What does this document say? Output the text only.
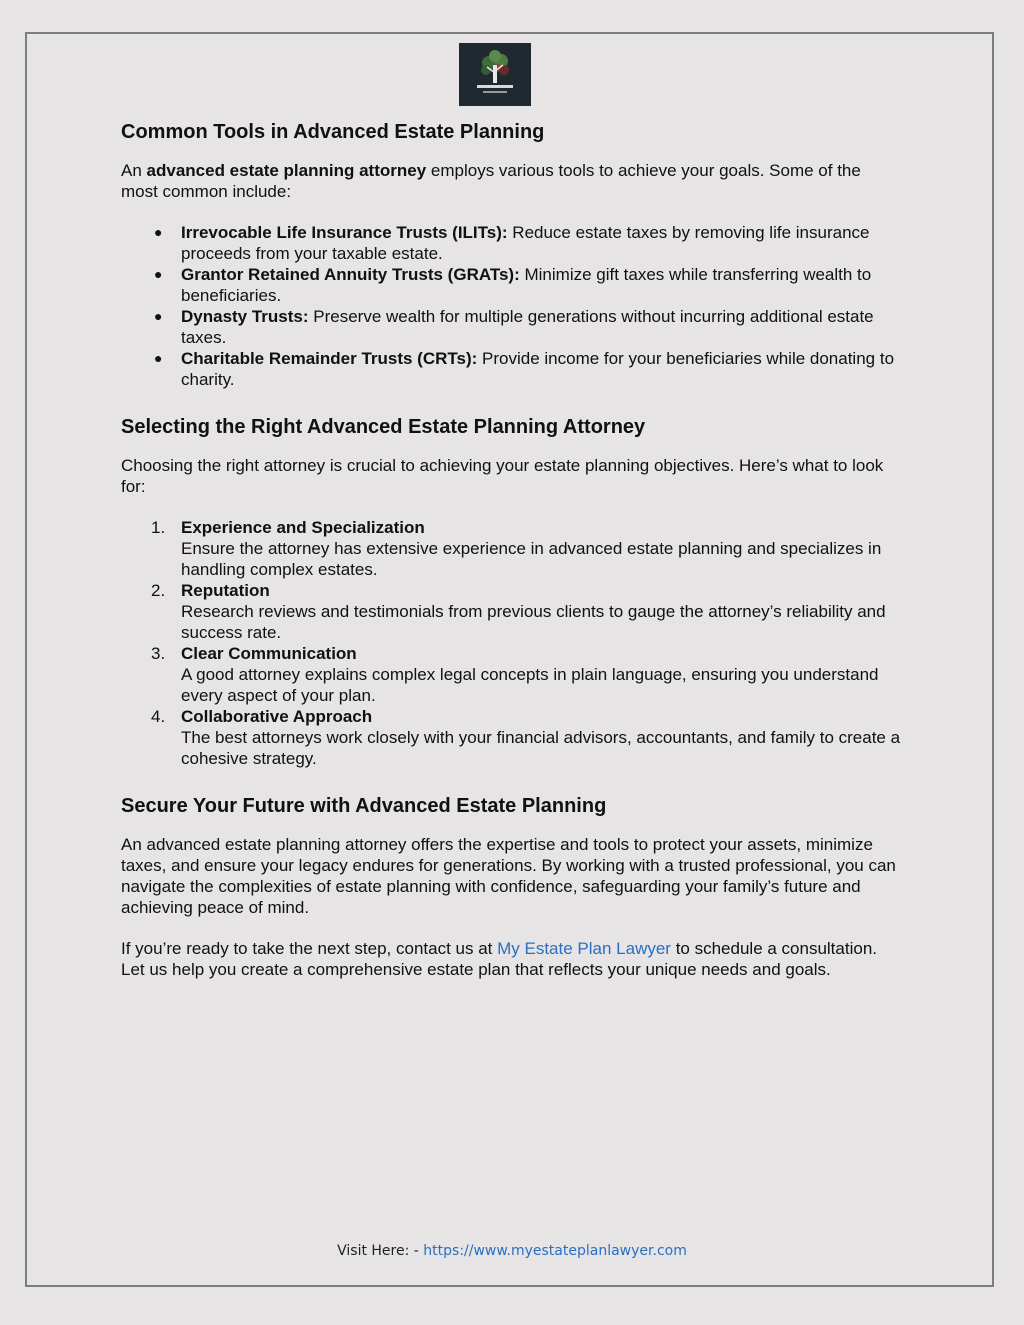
Common Tools in Advanced Estate Planning

An advanced estate planning attorney employs various tools to achieve your goals. Some of the most common include:

● Irrevocable Life Insurance Trusts (ILITs): Reduce estate taxes by removing life insurance proceeds from your taxable estate.
● Grantor Retained Annuity Trusts (GRATs): Minimize gift taxes while transferring wealth to beneficiaries.
● Dynasty Trusts: Preserve wealth for multiple generations without incurring additional estate taxes.
● Charitable Remainder Trusts (CRTs): Provide income for your beneficiaries while donating to charity.
Selecting the Right Advanced Estate Planning Attorney

Choosing the right attorney is crucial to achieving your estate planning objectives. Here’s what to look for:

1. Experience and Specialization
Ensure the attorney has extensive experience in advanced estate planning and specializes in handling complex estates.
2. Reputation
Research reviews and testimonials from previous clients to gauge the attorney’s reliability and success rate.
3. Clear Communication
A good attorney explains complex legal concepts in plain language, ensuring you understand every aspect of your plan.
4. Collaborative Approach
The best attorneys work closely with your financial advisors, accountants, and family to create a cohesive strategy.
Secure Your Future with Advanced Estate Planning

An advanced estate planning attorney offers the expertise and tools to protect your assets, minimize taxes, and ensure your legacy endures for generations. By working with a trusted professional, you can navigate the complexities of estate planning with confidence, safeguarding your family’s future and achieving peace of mind.

If you’re ready to take the next step, contact us at My Estate Plan Lawyer to schedule a consultation. Let us help you create a comprehensive estate plan that reflects your unique needs and goals.

Visit Here: - https://www.myestateplanlawyer.com
